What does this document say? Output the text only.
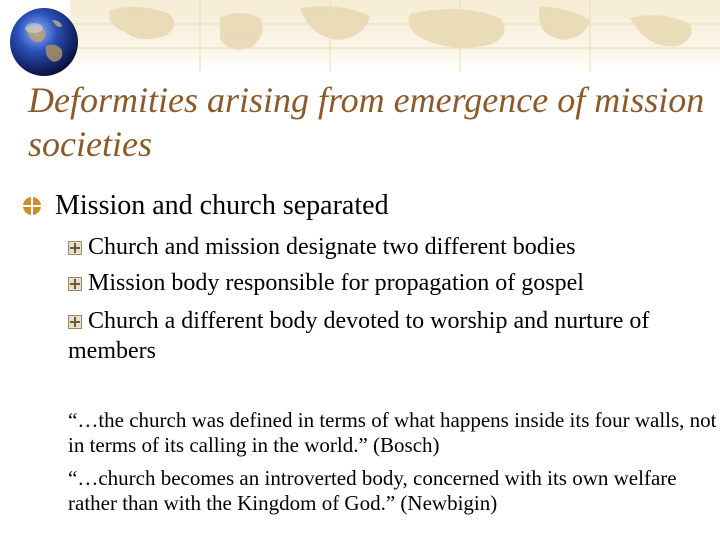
Deformities arising from emergence of mission societies
Mission and church separated
Church and mission designate two different bodies
Mission body responsible for propagation of gospel
Church a different body devoted to worship and nurture of members
“…the church was defined in terms of what happens inside its four walls, not in terms of its calling in the world.” (Bosch)
“…church becomes an introverted body, concerned with its own welfare rather than with the Kingdom of God.” (Newbigin)
